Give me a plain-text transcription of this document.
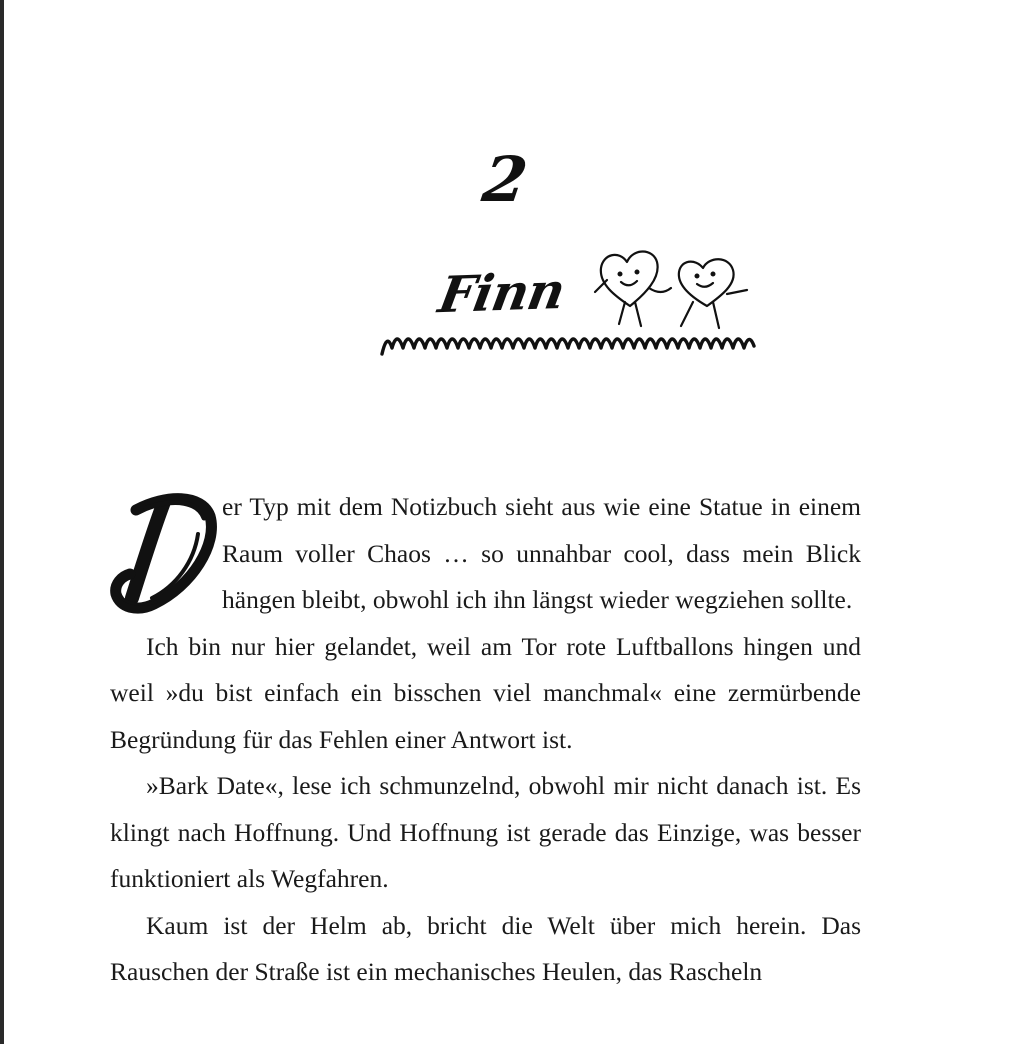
2
Finn

er Typ mit dem Notizbuch sieht aus wie eine Statue in einem Raum voller Chaos … so unnahbar cool, dass mein Blick hängen bleibt, obwohl ich ihn längst wieder wegziehen sollte.

Ich bin nur hier gelandet, weil am Tor rote Luftballons hingen und weil »du bist einfach ein bisschen viel manchmal« eine zermürbende Begründung für das Fehlen einer Antwort ist.

»Bark Date«, lese ich schmunzelnd, obwohl mir nicht danach ist. Es klingt nach Hoffnung. Und Hoffnung ist gerade das Einzige, was besser funktioniert als Wegfahren.

Kaum ist der Helm ab, bricht die Welt über mich herein. Das Rauschen der Straße ist ein mechanisches Heulen, das Rascheln
